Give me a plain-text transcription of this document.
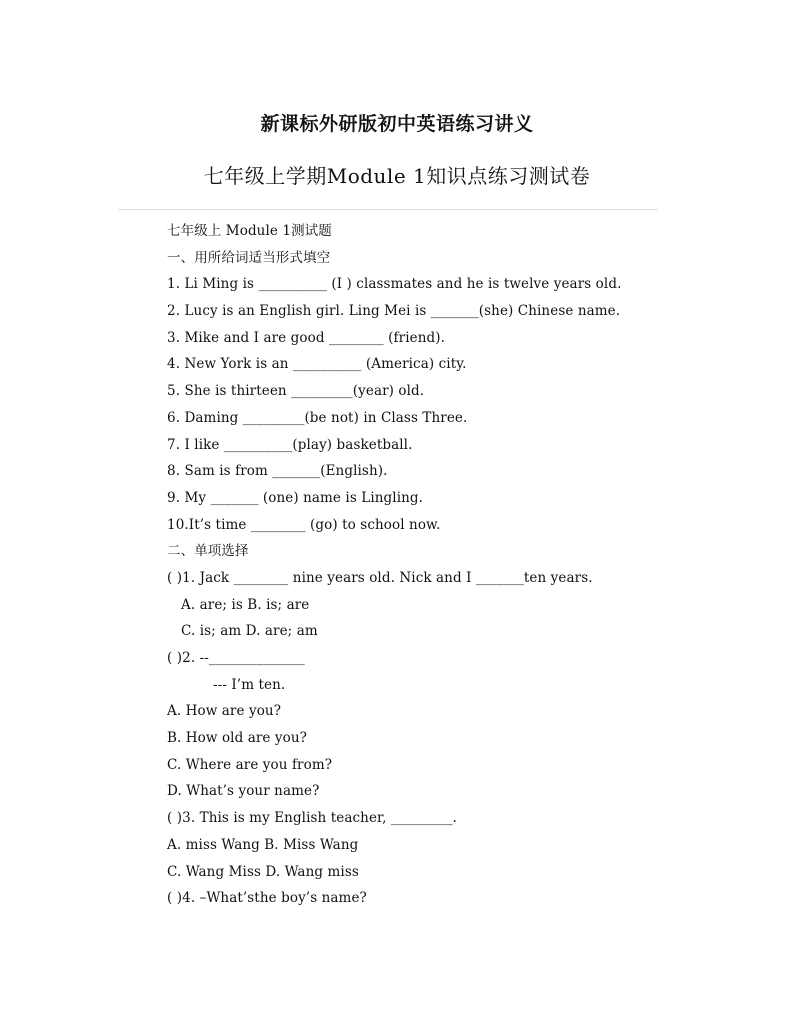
新课标外研版初中英语练习讲义
七年级上学期Module 1知识点练习测试卷
七年级上 Module 1测试题
一、用所给词适当形式填空
1. Li Ming is __________ (I ) classmates and he is twelve years old.
2. Lucy is an English girl. Ling Mei is _______(she) Chinese name.
3. Mike and I are good ________ (friend).
4. New York is an __________ (America) city.
5. She is thirteen _________(year) old.
6. Daming _________(be not) in Class Three.
7. I like __________(play) basketball.
8. Sam is from _______(English).
9. My _______ (one) name is Lingling.
10.It’s time ________ (go) to school now.
二、单项选择
( )1. Jack ________ nine years old. Nick and I _______ten years.
A. are; is B. is; are
C. is; am D. are; am
( )2. --______________
--- I’m ten.
A. How are you?
B. How old are you?
C. Where are you from?
D. What’s your name?
( )3. This is my English teacher, _________.
A. miss Wang B. Miss Wang
C. Wang Miss D. Wang miss
( )4. –What’sthe boy’s name?
